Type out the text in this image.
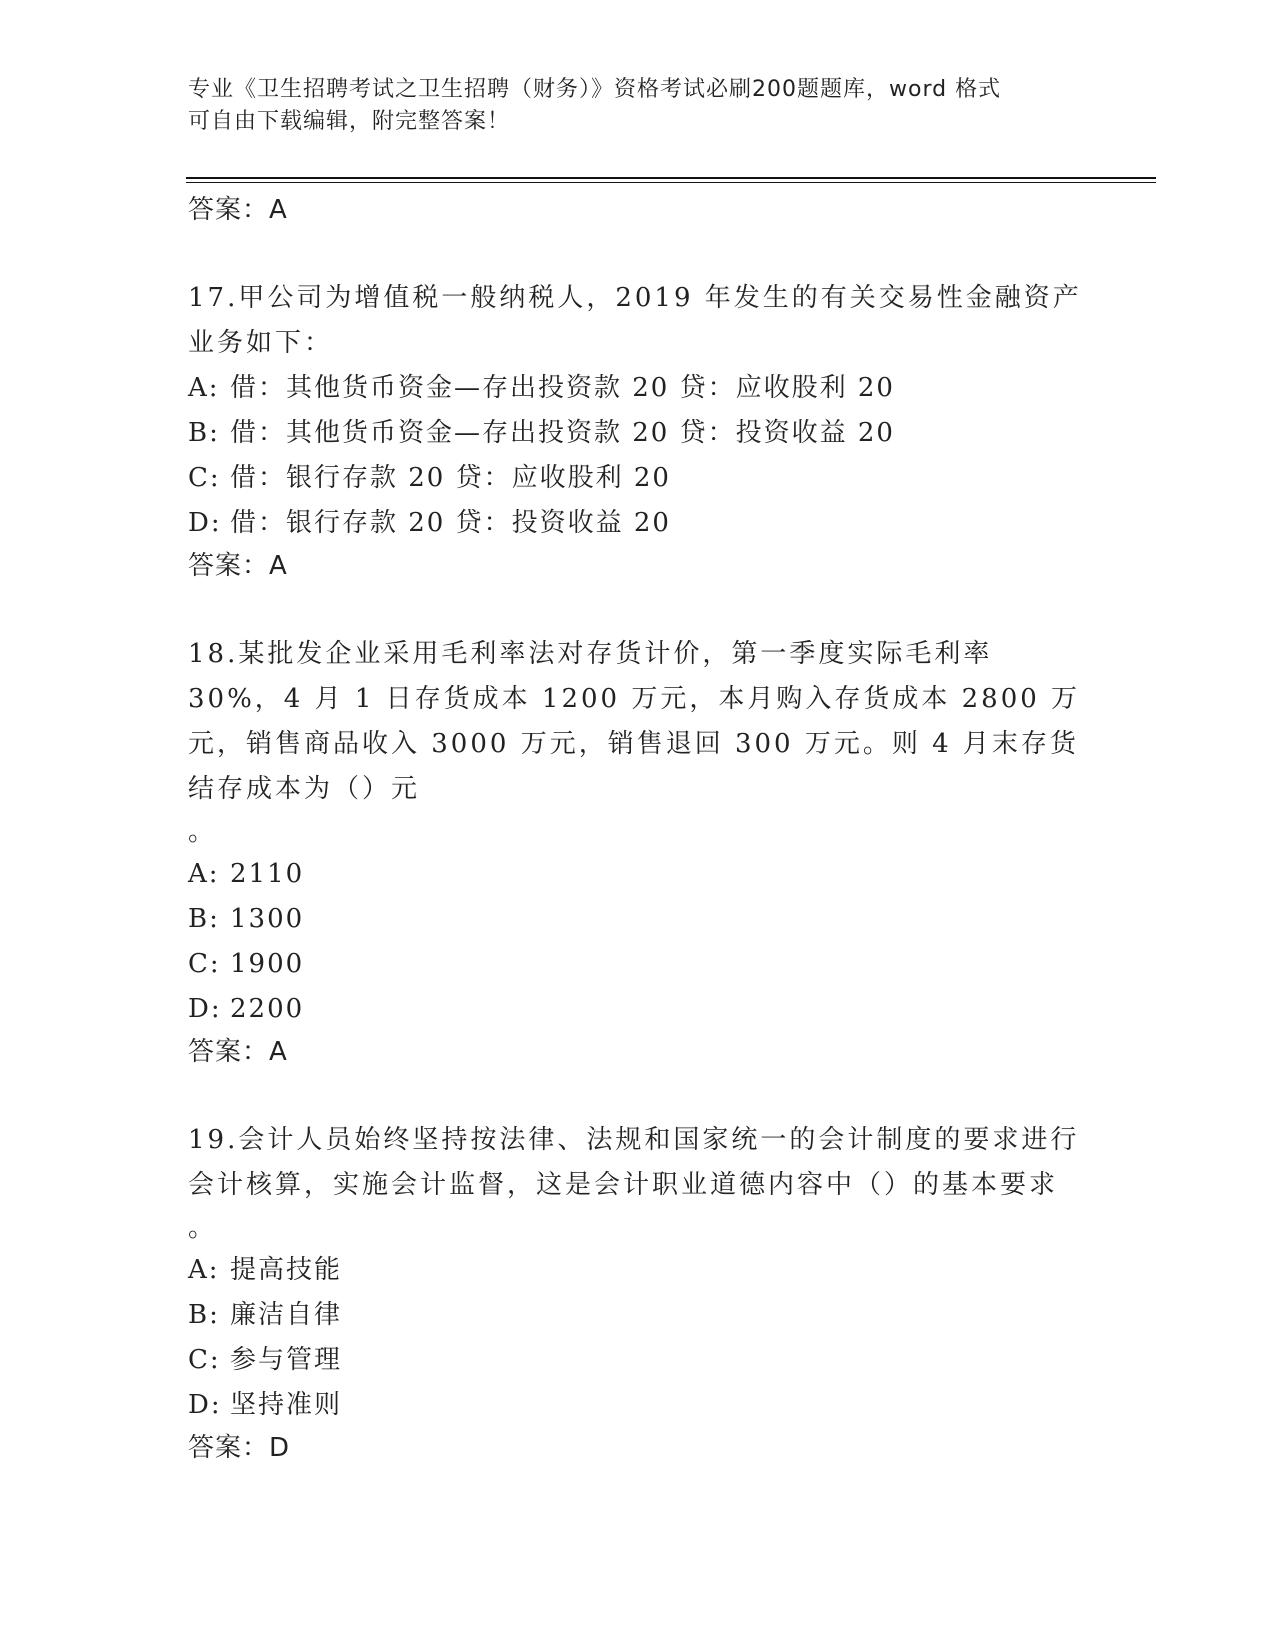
专业《卫生招聘考试之卫生招聘（财务）》资格考试必刷200题题库，word 格式
可自由下载编辑，附完整答案！
答案：A

17.甲公司为增值税一般纳税人，2019 年发生的有关交易性金融资产业务如下：

A: 借：其他货币资金—存出投资款 20 贷：应收股利 20
B: 借：其他货币资金—存出投资款 20 贷：投资收益 20
C: 借：银行存款 20 贷：应收股利 20
D: 借：银行存款 20 贷：投资收益 20
答案：A

18.某批发企业采用毛利率法对存货计价，第一季度实际毛利率 30%，4 月 1 日存货成本 1200 万元，本月购入存货成本 2800 万元，销售商品收入 3000 万元，销售退回 300 万元。则 4 月末存货结存成本为（）元

。
A: 2110
B: 1300
C: 1900
D: 2200
答案：A

19.会计人员始终坚持按法律、法规和国家统一的会计制度的要求进行会计核算，实施会计监督，这是会计职业道德内容中（）的基本要求

。
A: 提高技能
B: 廉洁自律
C: 参与管理
D: 坚持准则
答案：D
